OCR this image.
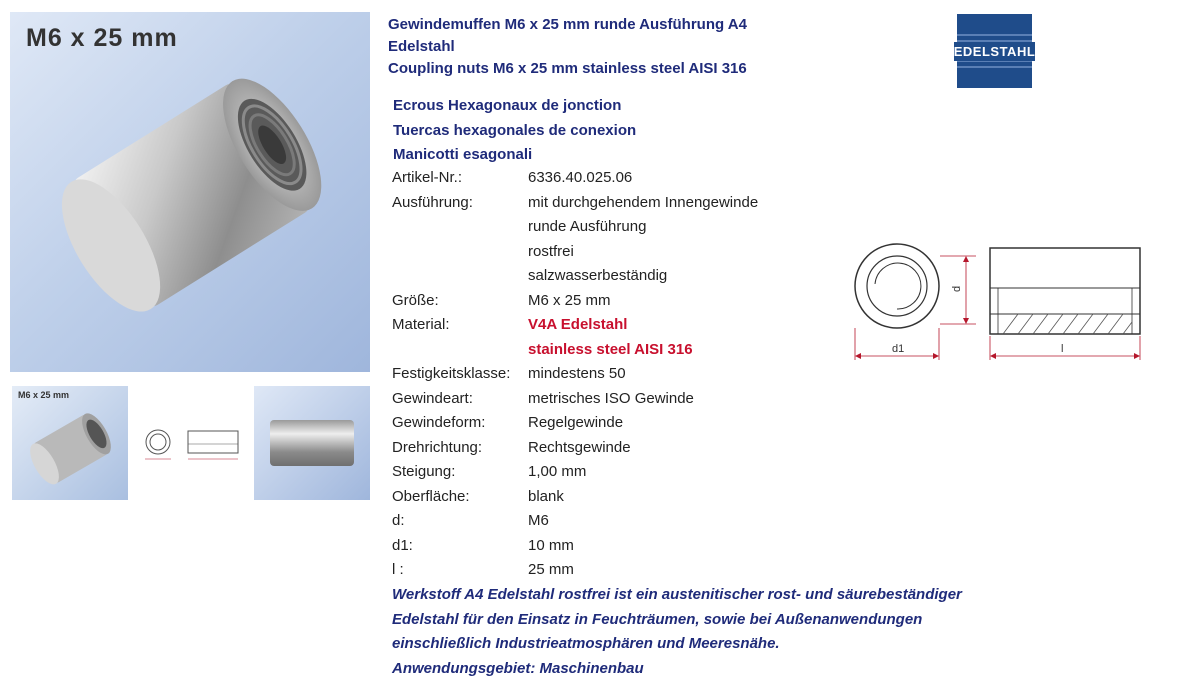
M6 x 25 mm
M6 x 25 mm
Gewindemuffen M6 x 25 mm runde Ausführung A4
Edelstahl
Coupling nuts M6 x 25 mm stainless steel AISI 316
Ecrous Hexagonaux de jonction
Tuercas hexagonales de conexion
Manicotti esagonali
Artikel-Nr.:	6336.40.025.06
Ausführung:	mit durchgehendem Innengewinde
runde Ausführung
rostfrei
salzwasserbeständig
Größe:	M6 x 25 mm
Material:	V4A Edelstahl
stainless steel AISI 316
Festigkeitsklasse: mindestens 50
Gewindeart:	metrisches ISO Gewinde
Gewindeform:	Regelgewinde
Drehrichtung:	Rechtsgewinde
Steigung:	1,00 mm
Oberfläche:	blank
d:	M6
d1:	10 mm
l :	25 mm
Werkstoff A4 Edelstahl rostfrei ist ein austenitischer rost- und säurebeständiger
Edelstahl für den Einsatz in Feuchträumen, sowie bei Außenanwendungen
einschließlich Industrieatmosphären und Meeresnähe.
Anwendungsgebiet: Maschinenbau
EDELSTAHL
d1
d
l
